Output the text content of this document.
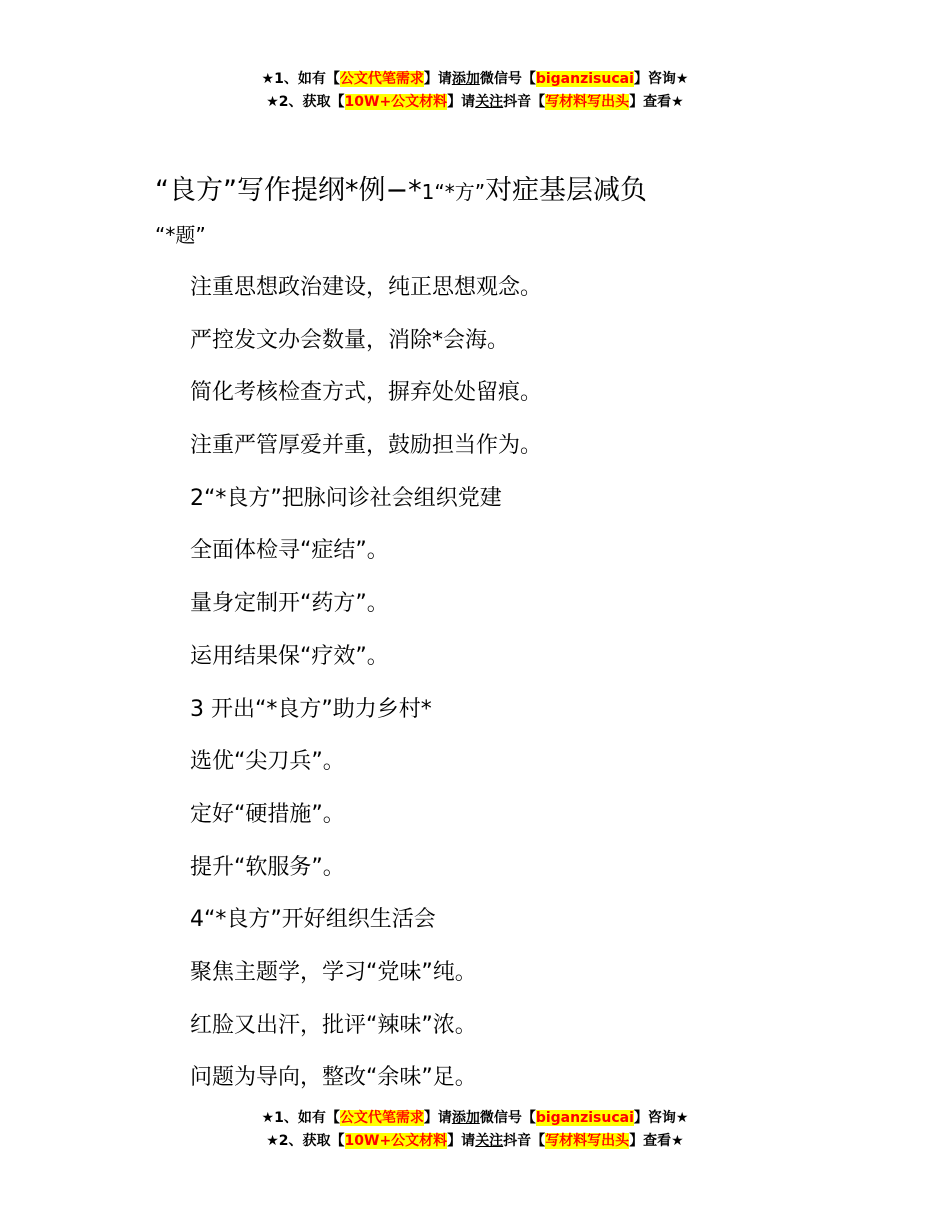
★1、如有【公文代笔需求】请添加微信号【biganzisucai】咨询★
★2、获取【10W+公文材料】请关注抖音【写材料写出头】查看★
“良方”写作提纲*例−*1“*方”对症基层减负
“*题”
注重思想政治建设，纯正思想观念。
严控发文办会数量，消除*会海。
简化考核检查方式，摒弃处处留痕。
注重严管厚爱并重，鼓励担当作为。
2“*良方”把脉问诊社会组织党建
全面体检寻“症结”。
量身定制开“药方”。
运用结果保“疗效”。
3 开出“*良方”助力乡村*
选优“尖刀兵”。
定好“硬措施”。
提升“软服务”。
4“*良方”开好组织生活会
聚焦主题学，学习“党味”纯。
红脸又出汗，批评“辣味”浓。
问题为导向，整改“余味”足。
★1、如有【公文代笔需求】请添加微信号【biganzisucai】咨询★
★2、获取【10W+公文材料】请关注抖音【写材料写出头】查看★
